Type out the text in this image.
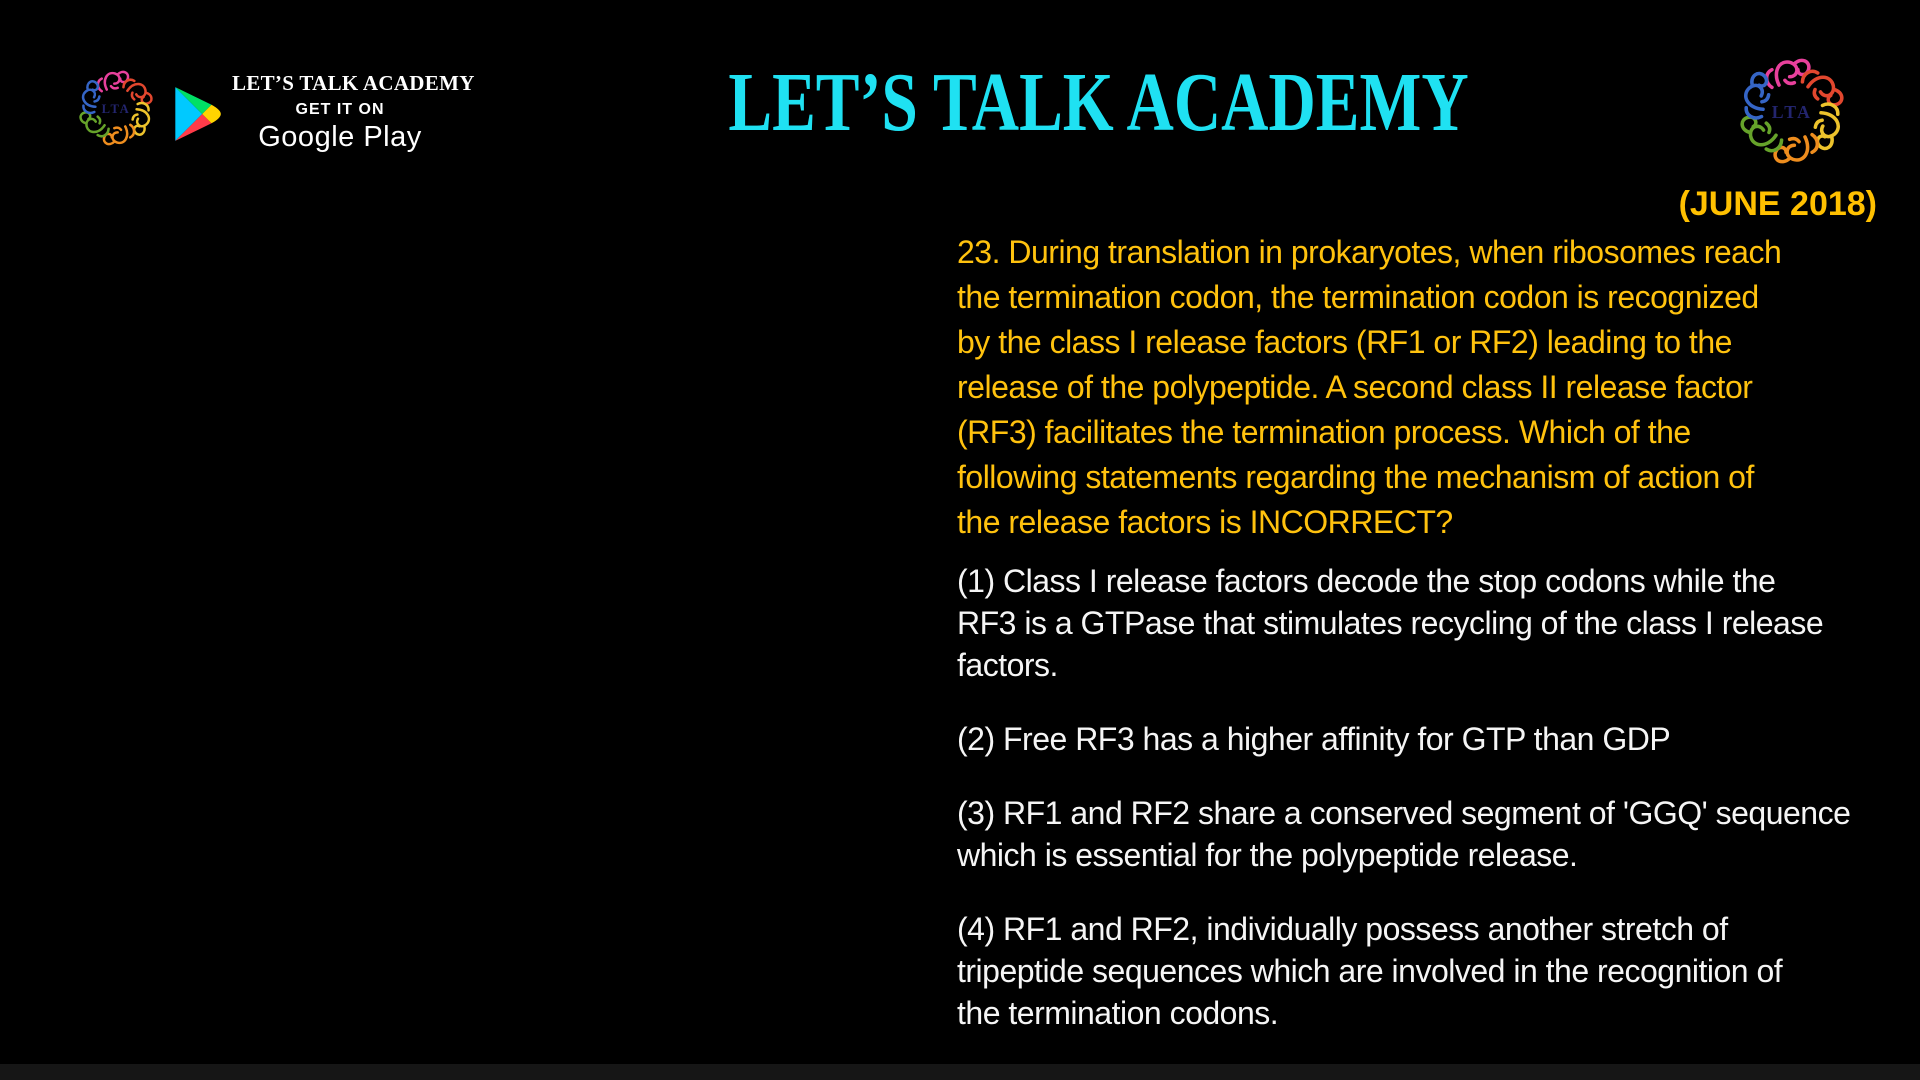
LTA
LET’S TALK ACADEMY
GET IT ON
Google Play	LET’S TALK ACADEMY	LTA
(JUNE 2018)

23. During translation in prokaryotes, when ribosomes reach
the termination codon, the termination codon is recognized
by the class I release factors (RF1 or RF2) leading to the
release of the polypeptide. A second class II release factor
(RF3) facilitates the termination process. Which of the
following statements regarding the mechanism of action of
the release factors is INCORRECT?

(1) Class I release factors decode the stop codons while the
RF3 is a GTPase that stimulates recycling of the class I release
factors.

(2) Free RF3 has a higher affinity for GTP than GDP

(3) RF1 and RF2 share a conserved segment of 'GGQ' sequence
which is essential for the polypeptide release.

(4) RF1 and RF2, individually possess another stretch of
tripeptide sequences which are involved in the recognition of
the termination codons.
